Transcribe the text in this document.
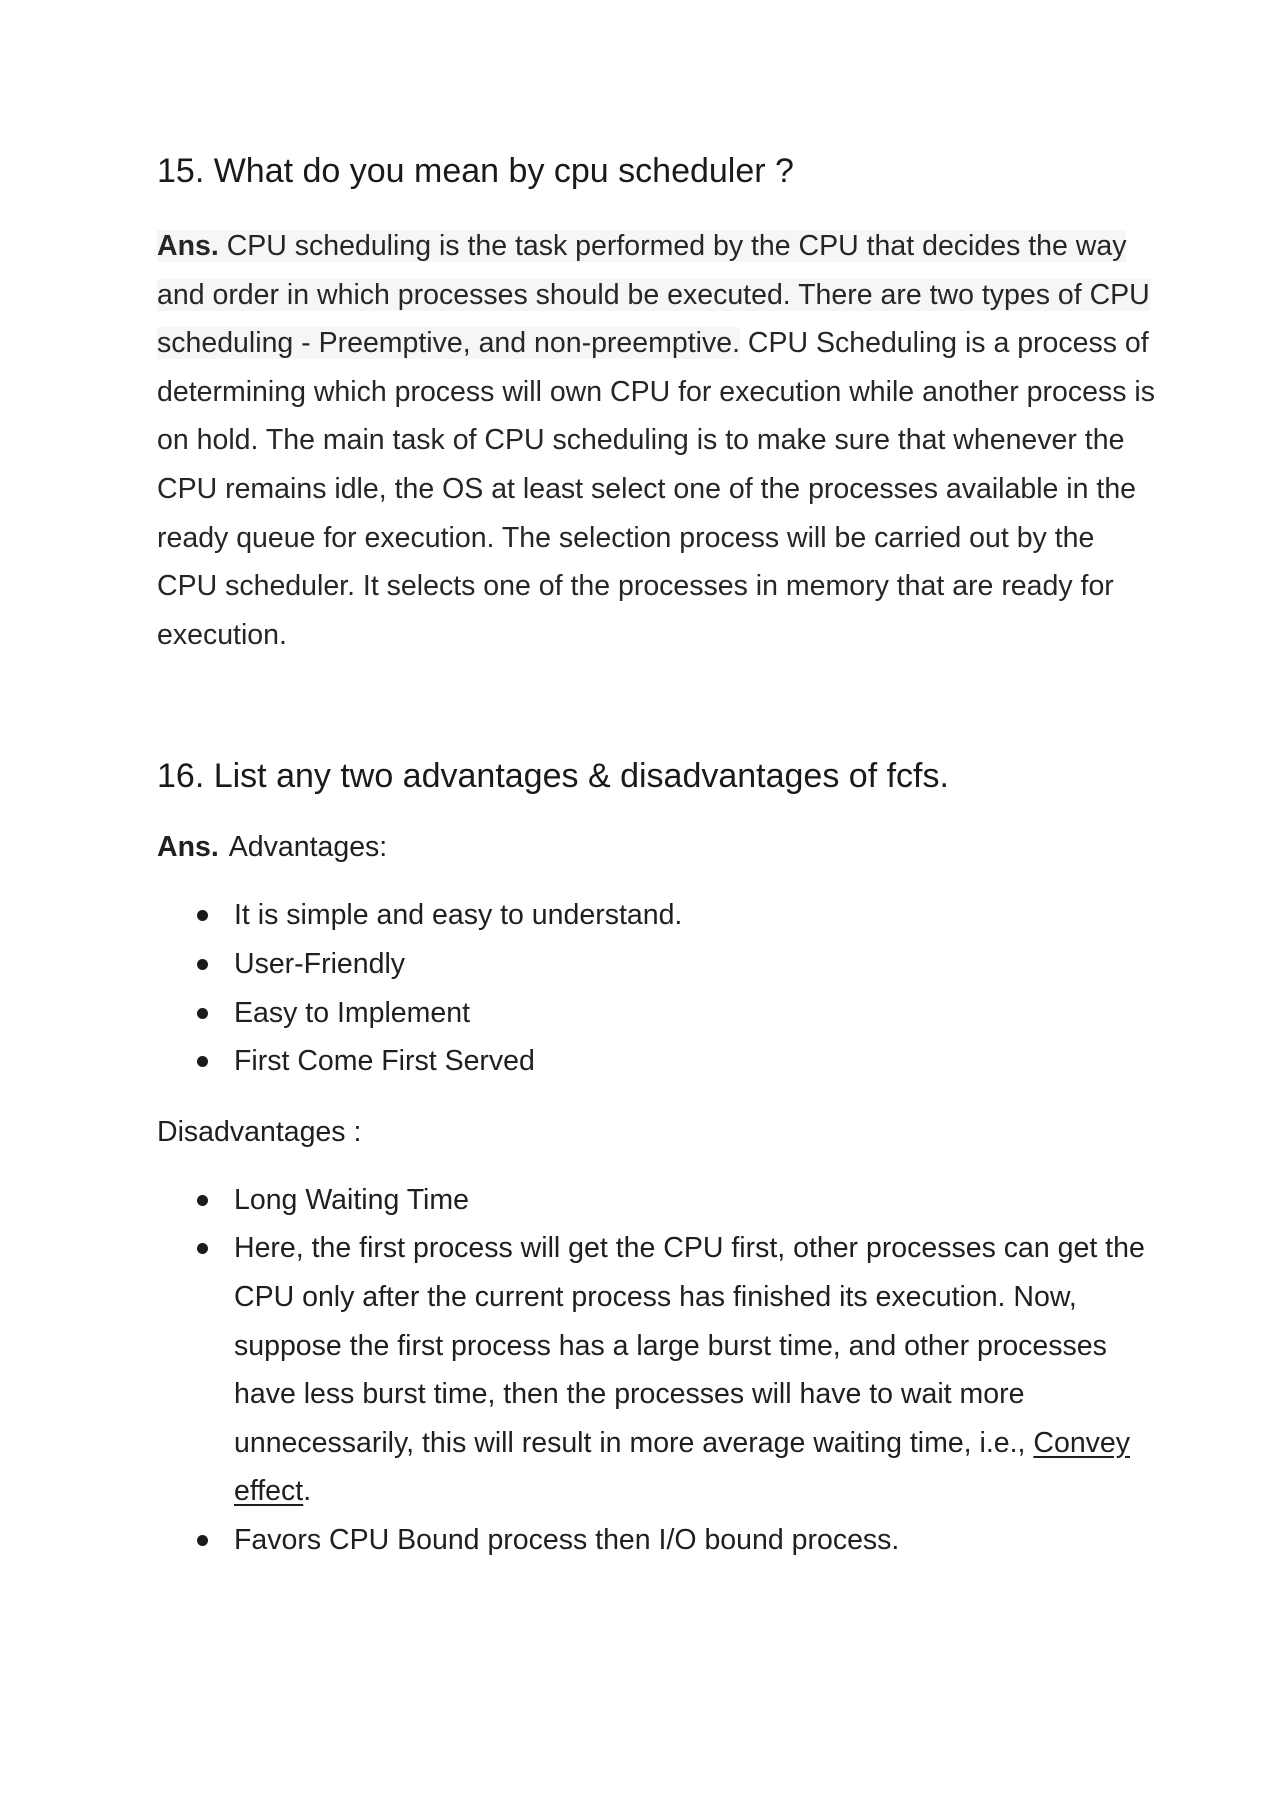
15. What do you mean by cpu scheduler ?

Ans. CPU scheduling is the task performed by the CPU that decides the way and order in which processes should be executed. There are two types of CPU scheduling - Preemptive, and non-preemptive. CPU Scheduling is a process of determining which process will own CPU for execution while another process is on hold. The main task of CPU scheduling is to make sure that whenever the CPU remains idle, the OS at least select one of the processes available in the ready queue for execution. The selection process will be carried out by the CPU scheduler. It selects one of the processes in memory that are ready for execution.

16. List any two advantages & disadvantages of fcfs.

Ans. Advantages:

It is simple and easy to understand.
User-Friendly
Easy to Implement
First Come First Served

Disadvantages :

Long Waiting Time
Here, the first process will get the CPU first, other processes can get the CPU only after the current process has finished its execution. Now, suppose the first process has a large burst time, and other processes have less burst time, then the processes will have to wait more unnecessarily, this will result in more average waiting time, i.e., Convey effect.
Favors CPU Bound process then I/O bound process.
